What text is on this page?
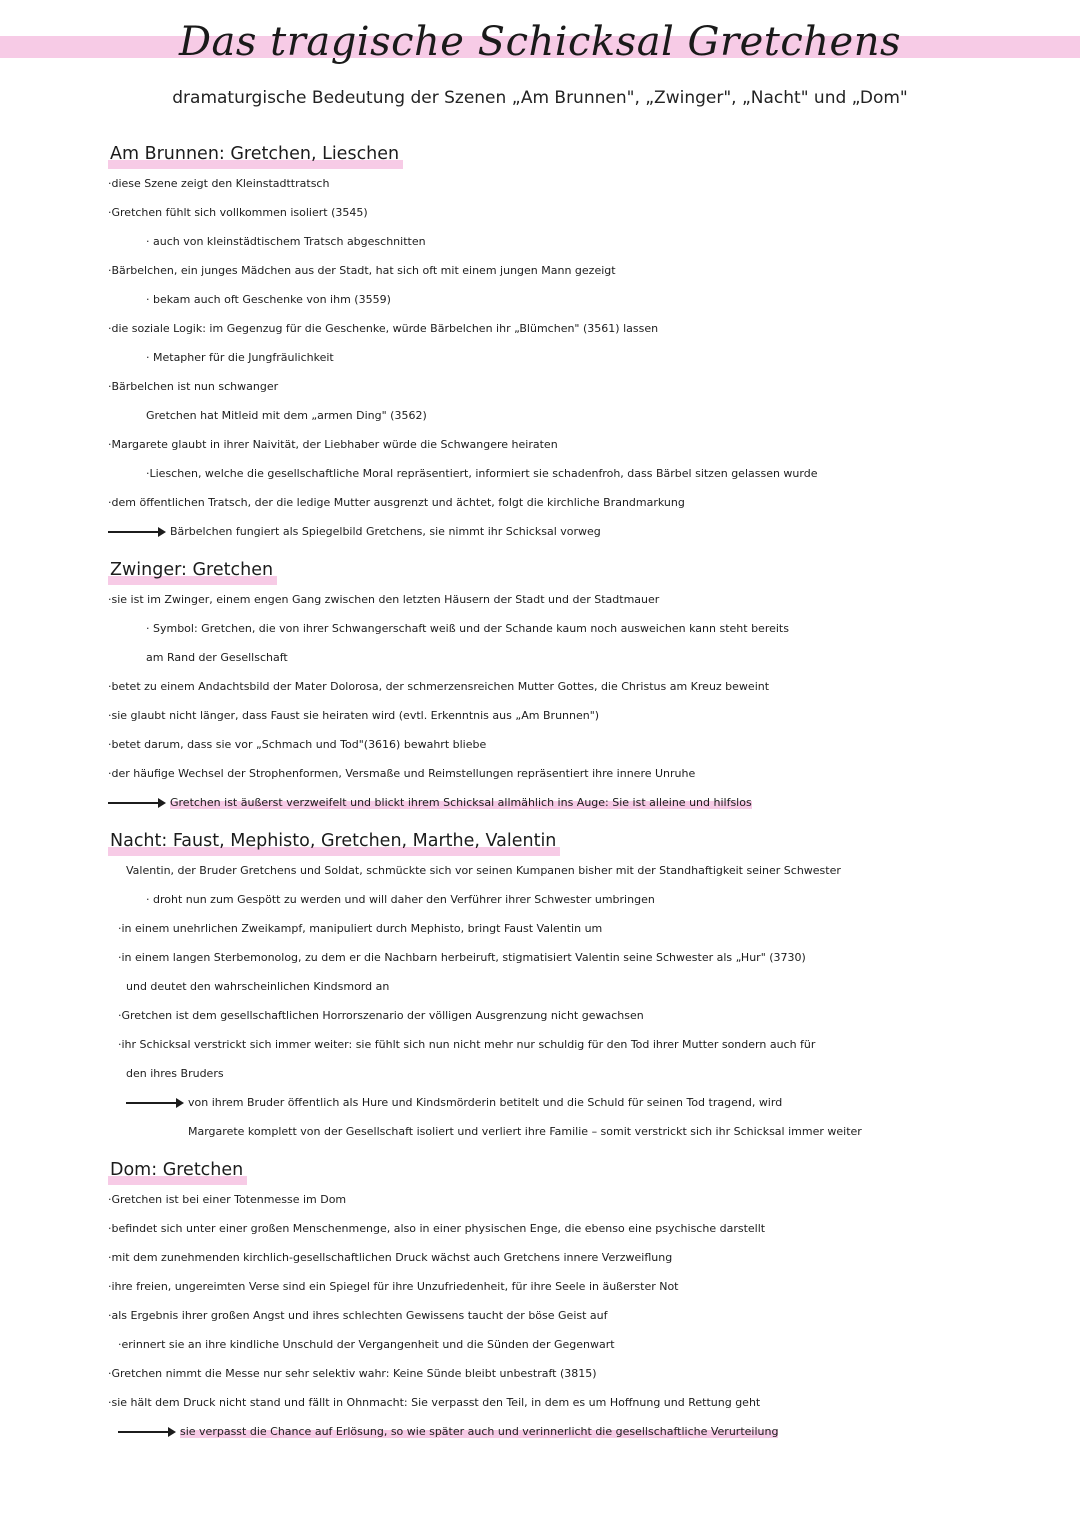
Das tragische Schicksal Gretchens
dramaturgische Bedeutung der Szenen „Am Brunnen", „Zwinger", „Nacht" und „Dom"
Am Brunnen: Gretchen, Lieschen
·diese Szene zeigt den Kleinstadttratsch
·Gretchen fühlt sich vollkommen isoliert (3545)
· auch von kleinstädtischem Tratsch abgeschnitten
·Bärbelchen, ein junges Mädchen aus der Stadt, hat sich oft mit einem jungen Mann gezeigt
· bekam auch oft Geschenke von ihm (3559)
·die soziale Logik: im Gegenzug für die Geschenke, würde Bärbelchen ihr „Blümchen" (3561) lassen
· Metapher für die Jungfräulichkeit
·Bärbelchen ist nun schwanger
Gretchen hat Mitleid mit dem „armen Ding" (3562)
·Margarete glaubt in ihrer Naivität, der Liebhaber würde die Schwangere heiraten
·Lieschen, welche die gesellschaftliche Moral repräsentiert, informiert sie schadenfroh, dass Bärbel sitzen gelassen wurde
·dem öffentlichen Tratsch, der die ledige Mutter ausgrenzt und ächtet, folgt die kirchliche Brandmarkung
Bärbelchen fungiert als Spiegelbild Gretchens, sie nimmt ihr Schicksal vorweg
Zwinger: Gretchen
·sie ist im Zwinger, einem engen Gang zwischen den letzten Häusern der Stadt und der Stadtmauer
· Symbol: Gretchen, die von ihrer Schwangerschaft weiß und der Schande kaum noch ausweichen kann steht bereits
am Rand der Gesellschaft
·betet zu einem Andachtsbild der Mater Dolorosa, der schmerzensreichen Mutter Gottes, die Christus am Kreuz beweint
·sie glaubt nicht länger, dass Faust sie heiraten wird (evtl. Erkenntnis aus „Am Brunnen")
·betet darum, dass sie vor „Schmach und Tod"(3616) bewahrt bliebe
·der häufige Wechsel der Strophenformen, Versmaße und Reimstellungen repräsentiert ihre innere Unruhe
Gretchen ist äußerst verzweifelt und blickt ihrem Schicksal allmählich ins Auge: Sie ist alleine und hilfslos
Nacht: Faust, Mephisto, Gretchen, Marthe, Valentin
Valentin, der Bruder Gretchens und Soldat, schmückte sich vor seinen Kumpanen bisher mit der Standhaftigkeit seiner Schwester
· droht nun zum Gespött zu werden und will daher den Verführer ihrer Schwester umbringen
·in einem unehrlichen Zweikampf, manipuliert durch Mephisto, bringt Faust Valentin um
·in einem langen Sterbemonolog, zu dem er die Nachbarn herbeiruft, stigmatisiert Valentin seine Schwester als „Hur" (3730)
und deutet den wahrscheinlichen Kindsmord an
·Gretchen ist dem gesellschaftlichen Horrorszenario der völligen Ausgrenzung nicht gewachsen
·ihr Schicksal verstrickt sich immer weiter: sie fühlt sich nun nicht mehr nur schuldig für den Tod ihrer Mutter sondern auch für
den ihres Bruders
von ihrem Bruder öffentlich als Hure und Kindsmörderin betitelt und die Schuld für seinen Tod tragend, wird
Margarete komplett von der Gesellschaft isoliert und verliert ihre Familie – somit verstrickt sich ihr Schicksal immer weiter
Dom: Gretchen
·Gretchen ist bei einer Totenmesse im Dom
·befindet sich unter einer großen Menschenmenge, also in einer physischen Enge, die ebenso eine psychische darstellt
·mit dem zunehmenden kirchlich-gesellschaftlichen Druck wächst auch Gretchens innere Verzweiflung
·ihre freien, ungereimten Verse sind ein Spiegel für ihre Unzufriedenheit, für ihre Seele in äußerster Not
·als Ergebnis ihrer großen Angst und ihres schlechten Gewissens taucht der böse Geist auf
·erinnert sie an ihre kindliche Unschuld der Vergangenheit und die Sünden der Gegenwart
·Gretchen nimmt die Messe nur sehr selektiv wahr: Keine Sünde bleibt unbestraft (3815)
·sie hält dem Druck nicht stand und fällt in Ohnmacht: Sie verpasst den Teil, in dem es um Hoffnung und Rettung geht
sie verpasst die Chance auf Erlösung, so wie später auch und verinnerlicht die gesellschaftliche Verurteilung
